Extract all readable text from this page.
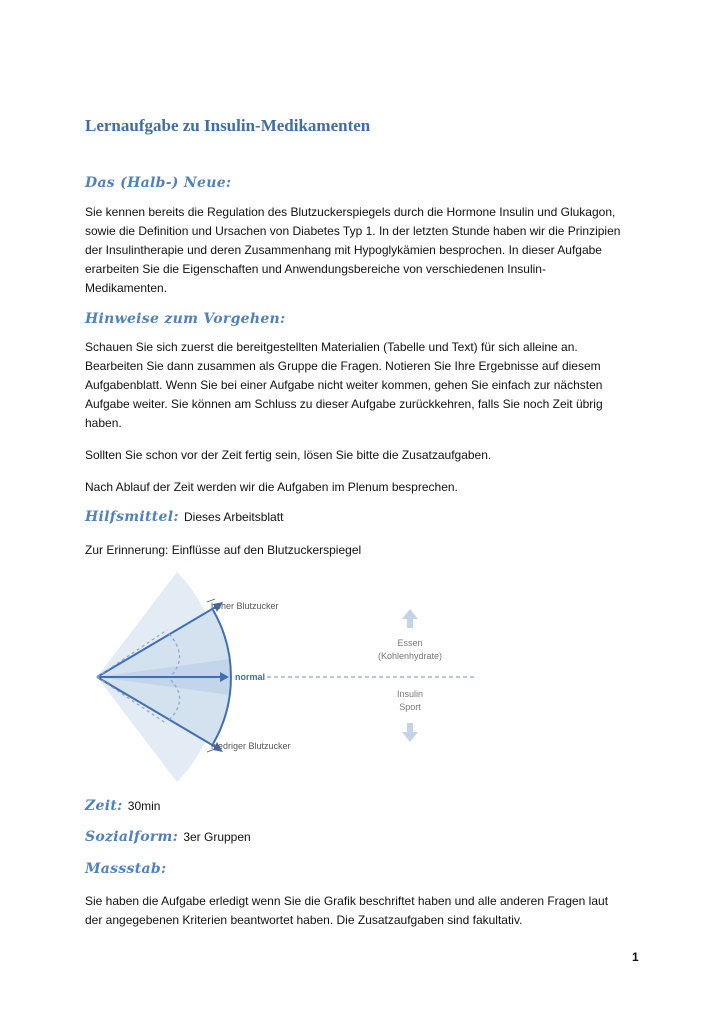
Lernaufgabe zu Insulin-Medikamenten
Das (Halb-) Neue:
Sie kennen bereits die Regulation des Blutzuckerspiegels durch die Hormone Insulin und Glukagon,
sowie die Definition und Ursachen von Diabetes Typ 1. In der letzten Stunde haben wir die Prinzipien
der Insulintherapie und deren Zusammenhang mit Hypoglykämien besprochen. In dieser Aufgabe
erarbeiten Sie die Eigenschaften und Anwendungsbereiche von verschiedenen Insulin-
Medikamenten.
Hinweise zum Vorgehen:
Schauen Sie sich zuerst die bereitgestellten Materialien (Tabelle und Text) für sich alleine an.
Bearbeiten Sie dann zusammen als Gruppe die Fragen. Notieren Sie Ihre Ergebnisse auf diesem
Aufgabenblatt. Wenn Sie bei einer Aufgabe nicht weiter kommen, gehen Sie einfach zur nächsten
Aufgabe weiter. Sie können am Schluss zu dieser Aufgabe zurückkehren, falls Sie noch Zeit übrig
haben.
Sollten Sie schon vor der Zeit fertig sein, lösen Sie bitte die Zusatzaufgaben.
Nach Ablauf der Zeit werden wir die Aufgaben im Plenum besprechen.
Hilfsmittel: Dieses Arbeitsblatt
Zur Erinnerung: Einflüsse auf den Blutzuckerspiegel
hoher Blutzucker
normal
niedriger Blutzucker
Essen
(Kohlenhydrate)
Insulin
Sport
Zeit: 30min
Sozialform: 3er Gruppen
Massstab:
Sie haben die Aufgabe erledigt wenn Sie die Grafik beschriftet haben und alle anderen Fragen laut
der angegebenen Kriterien beantwortet haben. Die Zusatzaufgaben sind fakultativ.
1
